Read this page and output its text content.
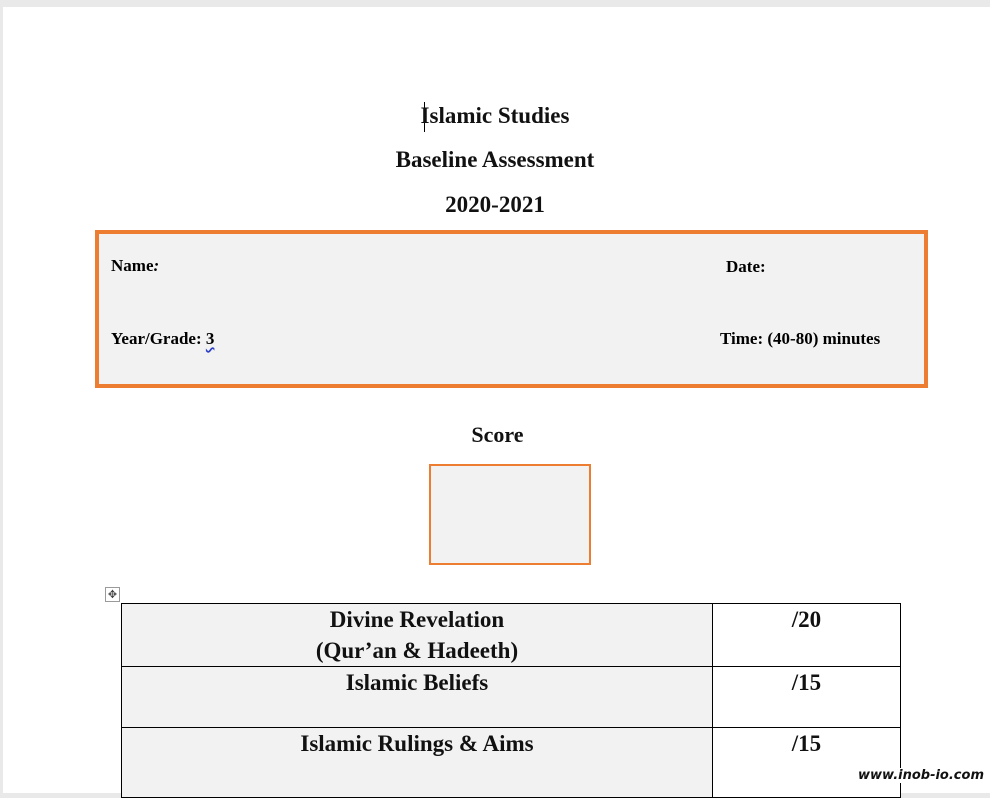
Islamic Studies
Baseline Assessment
2020-2021
Name:	Date:
Year/Grade: 3	Time: (40-80) minutes
Score
✥
Divine Revelation
(Qur’an & Hadeeth)	/20

Islamic Beliefs	/15

Islamic Rulings & Aims	/15
www.inob-io.com
